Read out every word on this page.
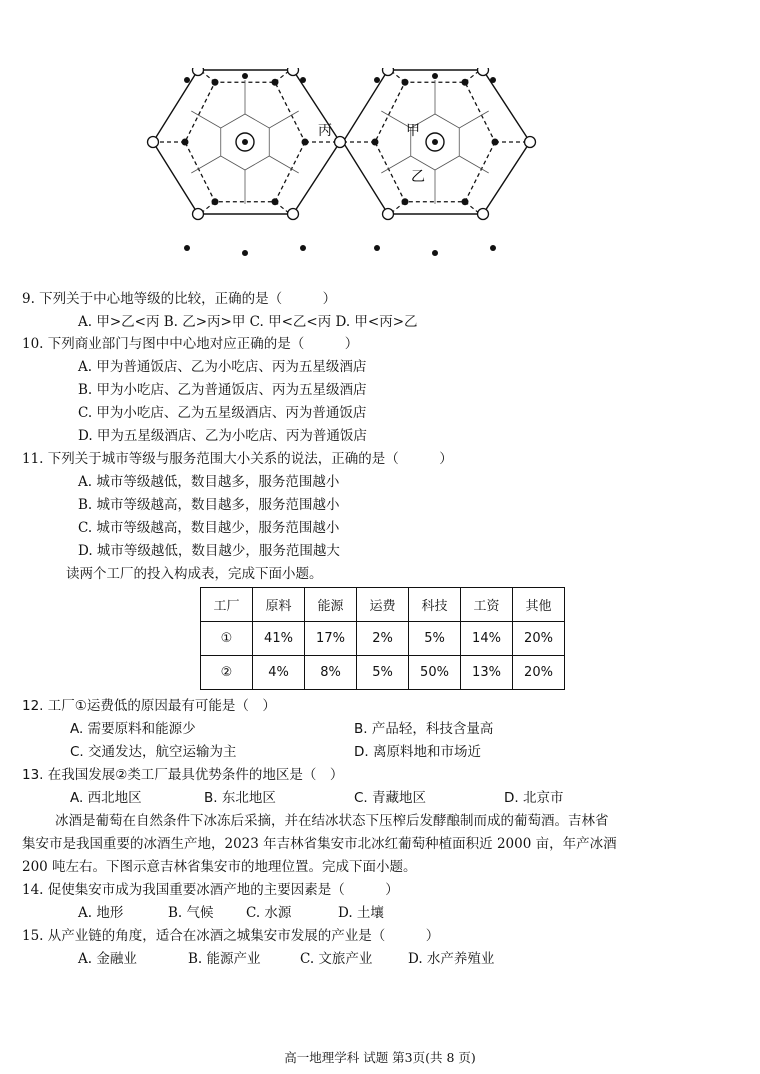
丙	甲
乙
9. 下列关于中心地等级的比较，正确的是（　　　）
A. 甲>乙<丙 B. 乙>丙>甲 C. 甲<乙<丙 D. 甲<丙>乙
10. 下列商业部门与图中中心地对应正确的是（　　　）
A. 甲为普通饭店、乙为小吃店、丙为五星级酒店
B. 甲为小吃店、乙为普通饭店、丙为五星级酒店
C. 甲为小吃店、乙为五星级酒店、丙为普通饭店
D. 甲为五星级酒店、乙为小吃店、丙为普通饭店
11. 下列关于城市等级与服务范围大小关系的说法，正确的是（　　　）
A. 城市等级越低，数目越多，服务范围越小
B. 城市等级越高，数目越多，服务范围越小
C. 城市等级越高，数目越少，服务范围越小
D. 城市等级越低，数目越少，服务范围越大
读两个工厂的投入构成表，完成下面小题。
工厂	原料	能源	运费	科技	工资	其他
①	41%	17%	2%	5%	14%	20%
②	4%	8%	5%	50%	13%	20%
12. 工厂①运费低的原因最有可能是（　）
A. 需要原料和能源少	B. 产品轻，科技含量高
C. 交通发达，航空运输为主	D. 离原料地和市场近
13. 在我国发展②类工厂最具优势条件的地区是（　）
A. 西北地区	B. 东北地区	C. 青藏地区	D. 北京市
冰酒是葡萄在自然条件下冰冻后采摘，并在结冰状态下压榨后发酵酿制而成的葡萄酒。吉林省
集安市是我国重要的冰酒生产地，2023 年吉林省集安市北冰红葡萄种植面积近 2000 亩，年产冰酒
200 吨左右。下图示意吉林省集安市的地理位置。完成下面小题。
14. 促使集安市成为我国重要冰酒产地的主要因素是（　　　）
A. 地形	B. 气候 C. 水源	D. 土壤
15. 从产业链的角度，适合在冰酒之城集安市发展的产业是（　　　）
A. 金融业	B. 能源产业	C. 文旅产业	D. 水产养殖业
高一地理学科 试题 第3页(共 8 页)
